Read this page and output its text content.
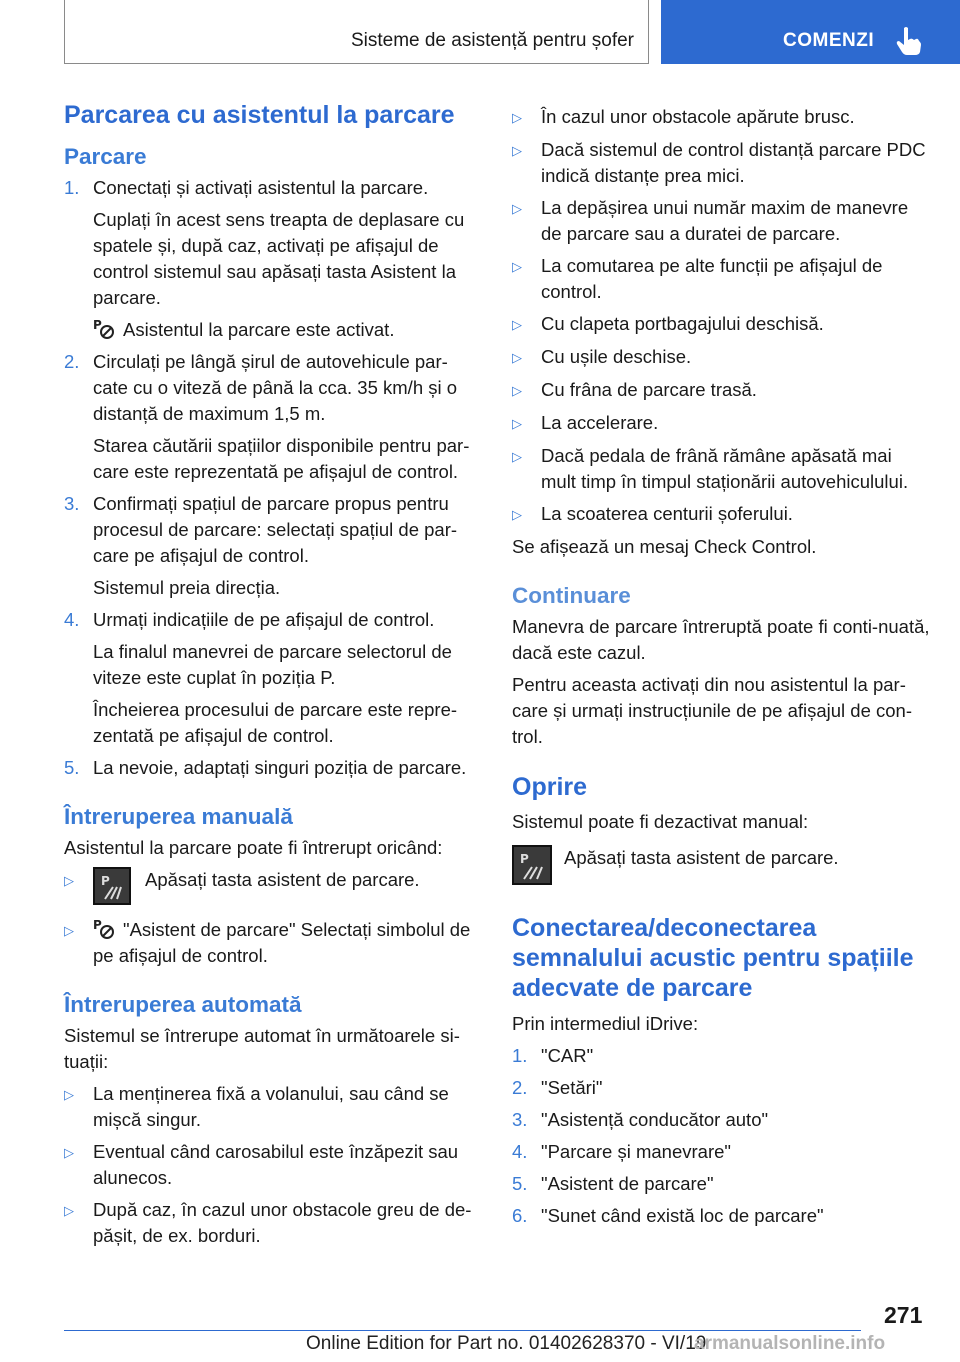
Sisteme de asistență pentru șofer	COMENZI
Parcarea cu asistentul la parcare
Parcare
1. Conectați și activați asistentul la parcare.

Cuplați în acest sens treapta de deplasare cu spatele și, după caz, activați pe afișajul de control sistemul sau apăsați tasta Asistent la parcare.

P Asistentul la parcare este activat.

2. Circulați pe lângă șirul de autovehicule par-cate cu o viteză de până la cca. 35 km/h și o distanță de maximum 1,5 m.

Starea căutării spațiilor disponibile pentru par-care este reprezentată pe afișajul de control.

3. Confirmați spațiul de parcare propus pentru procesul de parcare: selectați spațiul de par-care pe afișajul de control.

Sistemul preia direcția.

4. Urmați indicațiile de pe afișajul de control.

La finalul manevrei de parcare selectorul de viteze este cuplat în poziția P.

Încheierea procesului de parcare este repre-zentată pe afișajul de control.

5. La nevoie, adaptați singuri poziția de parcare.

Întreruperea manuală

Asistentul la parcare poate fi întrerupt oricând:

▷	P Apăsați tasta asistent de parcare.
▷	P "Asistent de parcare" Selectați simbolul de pe afișajul de control.
Întreruperea automată

Sistemul se întrerupe automat în următoarele si-tuații:

▷	La menținerea fixă a volanului, sau când se mișcă singur.
▷	Eventual când carosabilul este înzăpezit sau alunecos.
▷	După caz, în cazul unor obstacole greu de de-pășit, de ex. borduri.
▷	În cazul unor obstacole apărute brusc.
▷	Dacă sistemul de control distanță parcare PDC indică distanțe prea mici.
▷	La depășirea unui număr maxim de manevre de parcare sau a duratei de parcare.
▷	La comutarea pe alte funcții pe afișajul de control.
▷	Cu clapeta portbagajului deschisă.
▷	Cu ușile deschise.
▷	Cu frâna de parcare trasă.
▷	La accelerare.
▷	Dacă pedala de frână rămâne apăsată mai mult timp în timpul staționării autovehiculului.
▷	La scoaterea centurii șoferului.

Se afișează un mesaj Check Control.

Continuare

Manevra de parcare întreruptă poate fi conti-nuată, dacă este cazul.

Pentru aceasta activați din nou asistentul la par-care și urmați instrucțiunile de pe afișajul de con-trol.

Oprire

Sistemul poate fi dezactivat manual:

P Apăsați tasta asistent de parcare.
Conectarea/deconectarea semnalului acustic pentru spațiile adecvate de parcare

Prin intermediul iDrive:

1. "CAR"
2. "Setări"
3. "Asistență conducător auto"
4. "Parcare și manevrare"
5. "Asistent de parcare"
6. "Sunet când există loc de parcare"
271
Online Edition for Part no. 01402628370 - VI/19
armanualsonline.info
